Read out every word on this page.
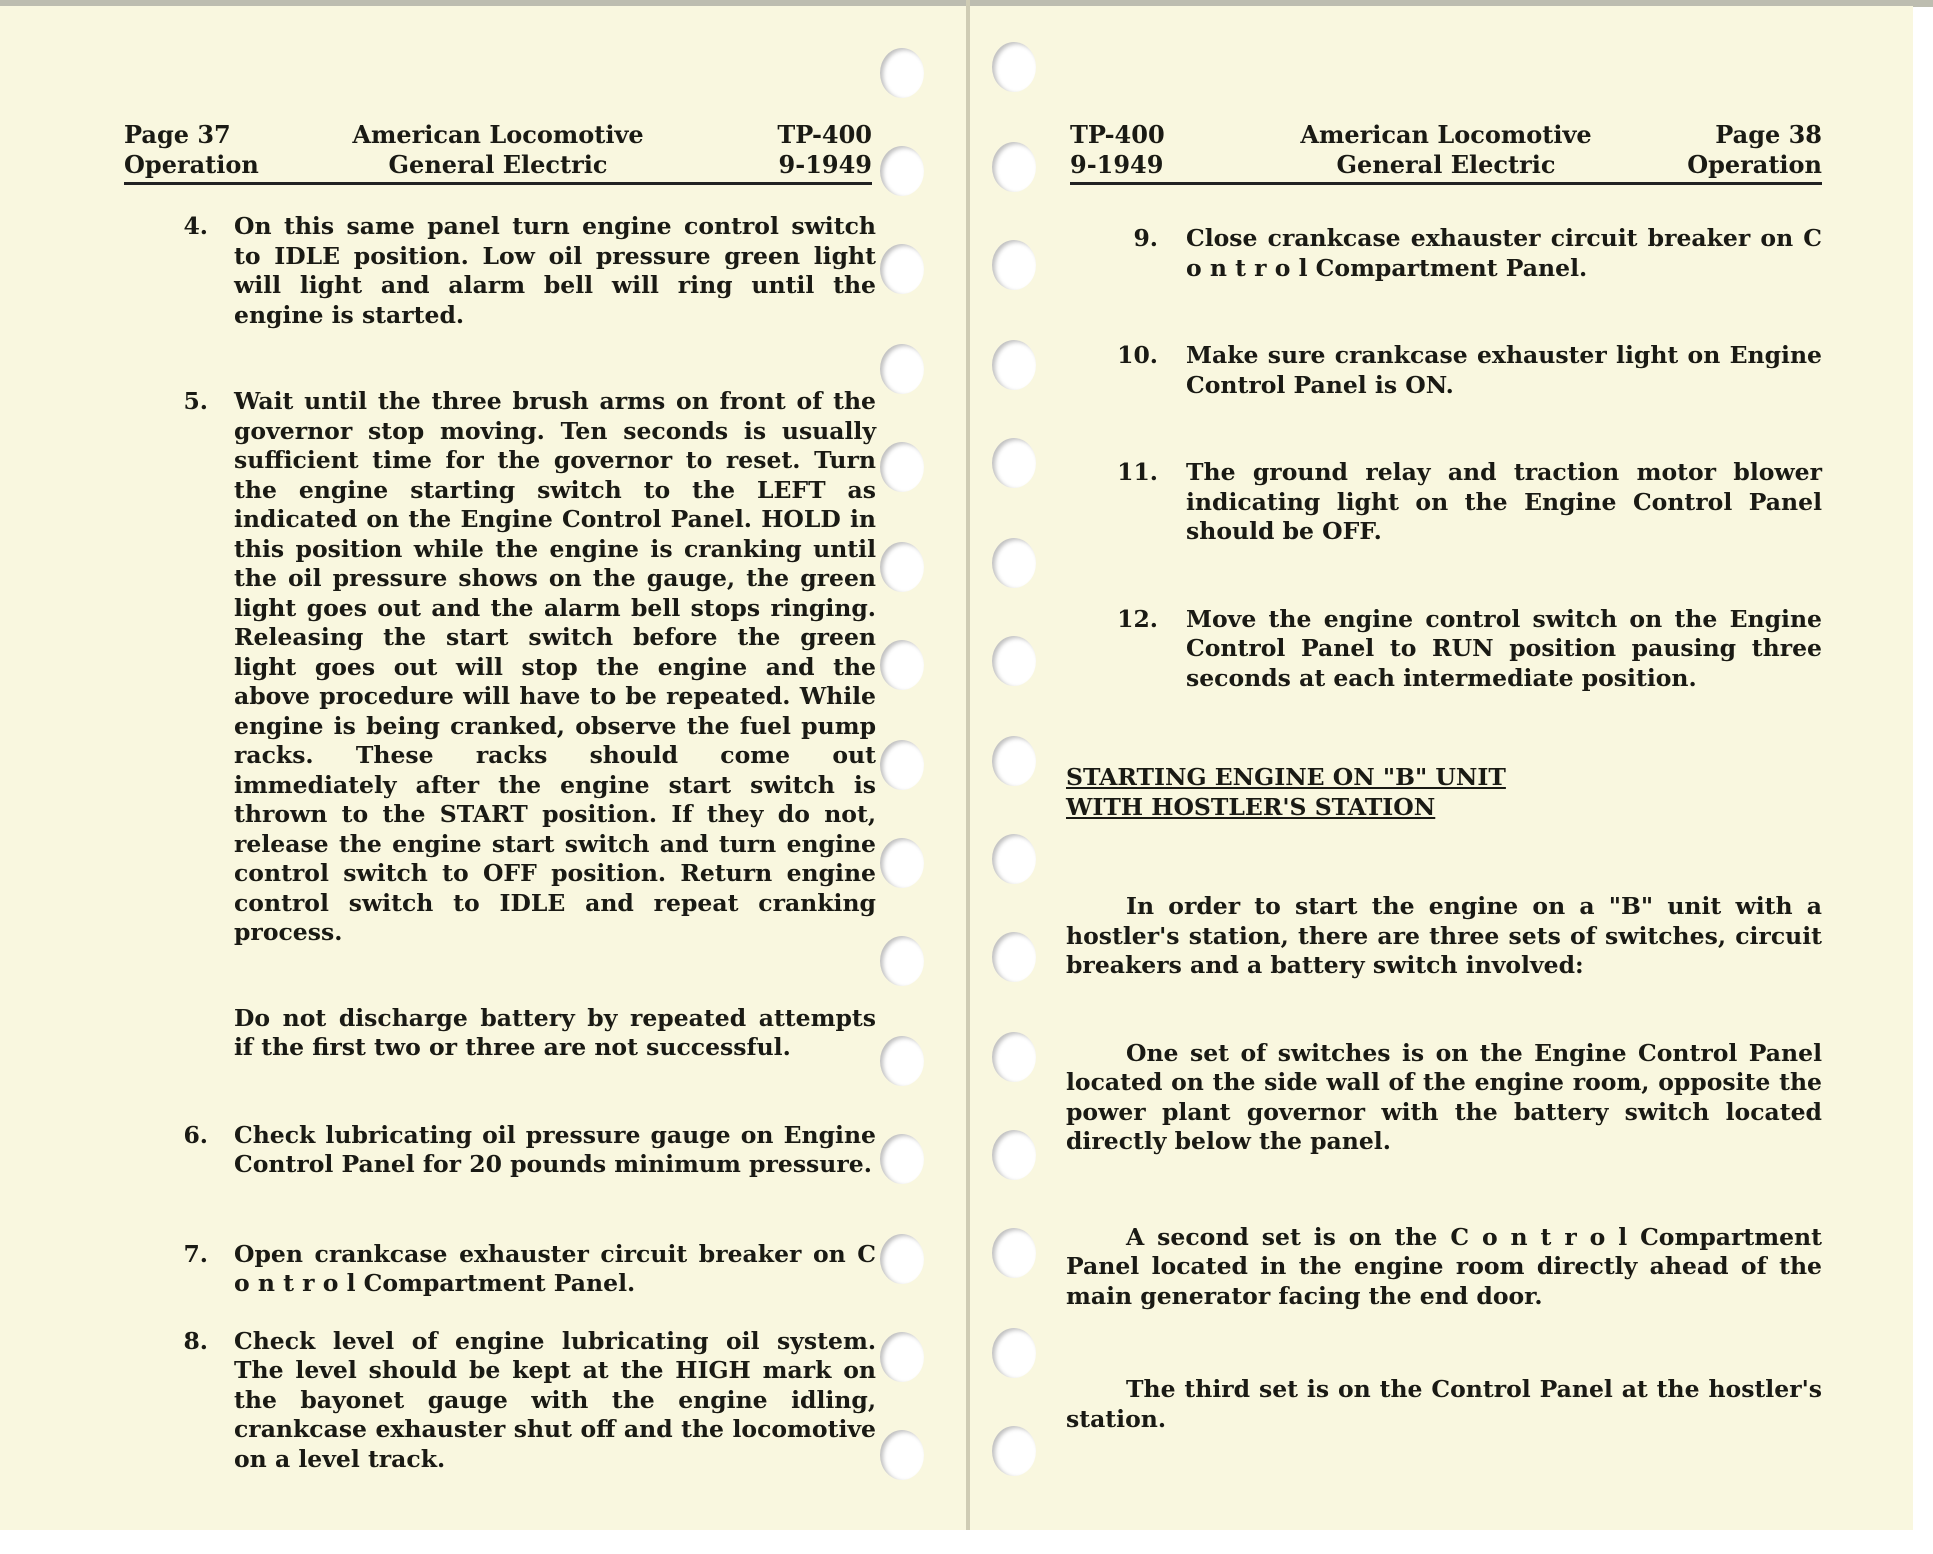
Page 37
Operation
American Locomotive
General Electric
TP-400
9-1949
4. On this same panel turn engine control switch to IDLE position. Low oil pressure green light will light and alarm bell will ring until the engine is started.
5. Wait until the three brush arms on front of the governor stop moving. Ten seconds is usually sufficient time for the governor to reset. Turn the engine starting switch to the LEFT as indicated on the Engine Control Panel. HOLD in this position while the engine is cranking until the oil pressure shows on the gauge, the green light goes out and the alarm bell stops ringing. Releasing the start switch before the green light goes out will stop the engine and the above procedure will have to be repeated. While engine is being cranked, observe the fuel pump racks. These racks should come out immediately after the engine start switch is thrown to the START position. If they do not, release the engine start switch and turn engine control switch to OFF position. Return engine control switch to IDLE and repeat cranking process.
Do not discharge battery by repeated attempts if the first two or three are not successful.
6. Check lubricating oil pressure gauge on Engine Control Panel for 20 pounds minimum pressure.
7. Open crankcase exhauster circuit breaker on C o n t r o l Compartment Panel.
8. Check level of engine lubricating oil system. The level should be kept at the HIGH mark on the bayonet gauge with the engine idling, crankcase exhauster shut off and the locomotive on a level track.
TP-400
9-1949
American Locomotive
General Electric
Page 38
Operation
9. Close crankcase exhauster circuit breaker on C o n t r o l Compartment Panel.
10. Make sure crankcase exhauster light on Engine Control Panel is ON.
11. The ground relay and traction motor blower indicating light on the Engine Control Panel should be OFF.
12. Move the engine control switch on the Engine Control Panel to RUN position pausing three seconds at each intermediate position.
STARTING ENGINE ON "B" UNIT
WITH HOSTLER'S STATION
In order to start the engine on a "B" unit with a hostler's station, there are three sets of switches, circuit breakers and a battery switch involved:
One set of switches is on the Engine Control Panel located on the side wall of the engine room, opposite the power plant governor with the battery switch located directly below the panel.
A second set is on the C o n t r o l Compartment Panel located in the engine room directly ahead of the main generator facing the end door.
The third set is on the Control Panel at the hostler's station.
